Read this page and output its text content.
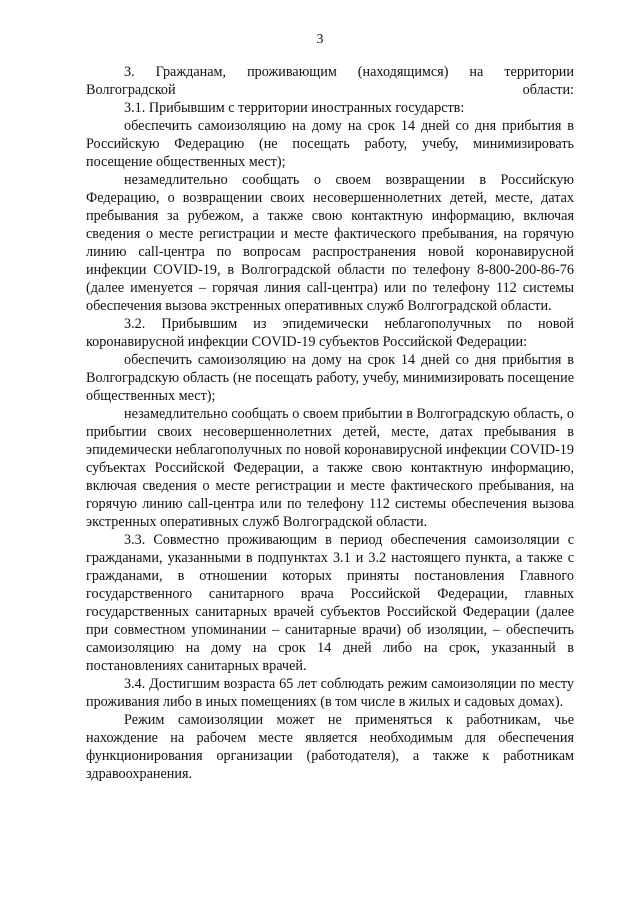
3

3. Гражданам, проживающим (находящимся) на территории Волгоградской области:

3.1. Прибывшим с территории иностранных государств:

обеспечить самоизоляцию на дому на срок 14 дней со дня прибытия в Российскую Федерацию (не посещать работу, учебу, минимизировать посещение общественных мест);

незамедлительно сообщать о своем возвращении в Российскую Федерацию, о возвращении своих несовершеннолетних детей, месте, датах пребывания за рубежом, а также свою контактную информацию, включая сведения о месте регистрации и месте фактического пребывания, на горячую линию call-центра по вопросам распространения новой коронавирусной инфекции COVID-19, в Волгоградской области по телефону 8-800-200-86-76 (далее именуется – горячая линия call-центра) или по телефону 112 системы обеспечения вызова экстренных оперативных служб Волгоградской области.

3.2. Прибывшим из эпидемически неблагополучных по новой коронавирусной инфекции COVID-19 субъектов Российской Федерации:

обеспечить самоизоляцию на дому на срок 14 дней со дня прибытия в Волгоградскую область (не посещать работу, учебу, минимизировать посещение общественных мест);

незамедлительно сообщать о своем прибытии в Волгоградскую область, о прибытии своих несовершеннолетних детей, месте, датах пребывания в эпидемически неблагополучных по новой коронавирусной инфекции COVID-19 субъектах Российской Федерации, а также свою контактную информацию, включая сведения о месте регистрации и месте фактического пребывания, на горячую линию call-центра или по телефону 112 системы обеспечения вызова экстренных оперативных служб Волгоградской области.

3.3. Совместно проживающим в период обеспечения самоизоляции с гражданами, указанными в подпунктах 3.1 и 3.2 настоящего пункта, а также с гражданами, в отношении которых приняты постановления Главного государственного санитарного врача Российской Федерации, главных государственных санитарных врачей субъектов Российской Федерации (далее при совместном упоминании – санитарные врачи) об изоляции, – обеспечить самоизоляцию на дому на срок 14 дней либо на срок, указанный в постановлениях санитарных врачей.

3.4. Достигшим возраста 65 лет соблюдать режим самоизоляции по месту проживания либо в иных помещениях (в том числе в жилых и садовых домах).

Режим самоизоляции может не применяться к работникам, чье нахождение на рабочем месте является необходимым для обеспечения функционирования организации (работодателя), а также к работникам здравоохранения.
